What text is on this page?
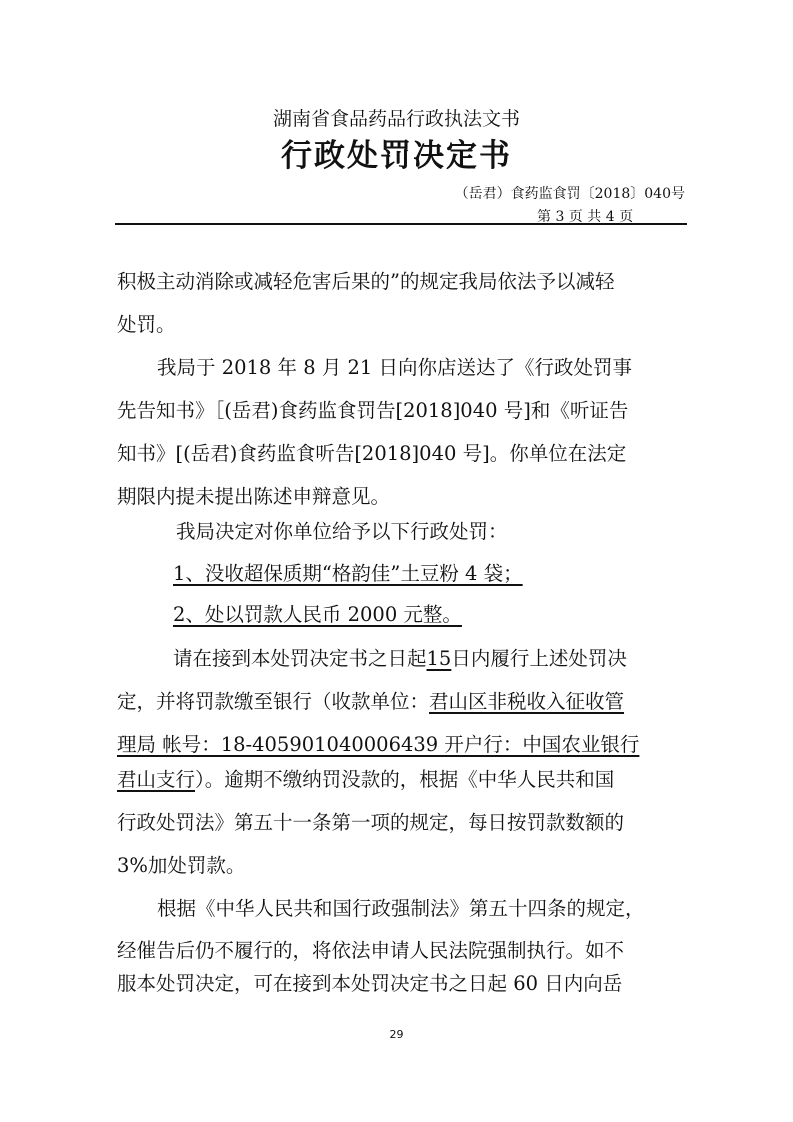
湖南省食品药品行政执法文书
行政处罚决定书
（岳君）食药监食罚〔2018〕040号
第 3 页 共 4 页
积极主动消除或减轻危害后果的”的规定我局依法予以减轻
处罚。
我局于 2018 年 8 月 21 日向你店送达了《行政处罚事
先告知书》［(岳君)食药监食罚告[2018]040 号]和《听证告
知书》[(岳君)食药监食听告[2018]040 号]。你单位在法定
期限内提未提出陈述申辩意见。
我局决定对你单位给予以下行政处罚：
1、没收超保质期“格韵佳”土豆粉 4 袋；
2、处以罚款人民币 2000 元整。
请在接到本处罚决定书之日起15日内履行上述处罚决
定，并将罚款缴至银行（收款单位：君山区非税收入征收管
理局 帐号：18-405901040006439 开户行：中国农业银行
君山支行）。逾期不缴纳罚没款的，根据《中华人民共和国
行政处罚法》第五十一条第一项的规定，每日按罚款数额的
3%加处罚款。
根据《中华人民共和国行政强制法》第五十四条的规定，
经催告后仍不履行的，将依法申请人民法院强制执行。如不
服本处罚决定，可在接到本处罚决定书之日起 60 日内向岳
29
